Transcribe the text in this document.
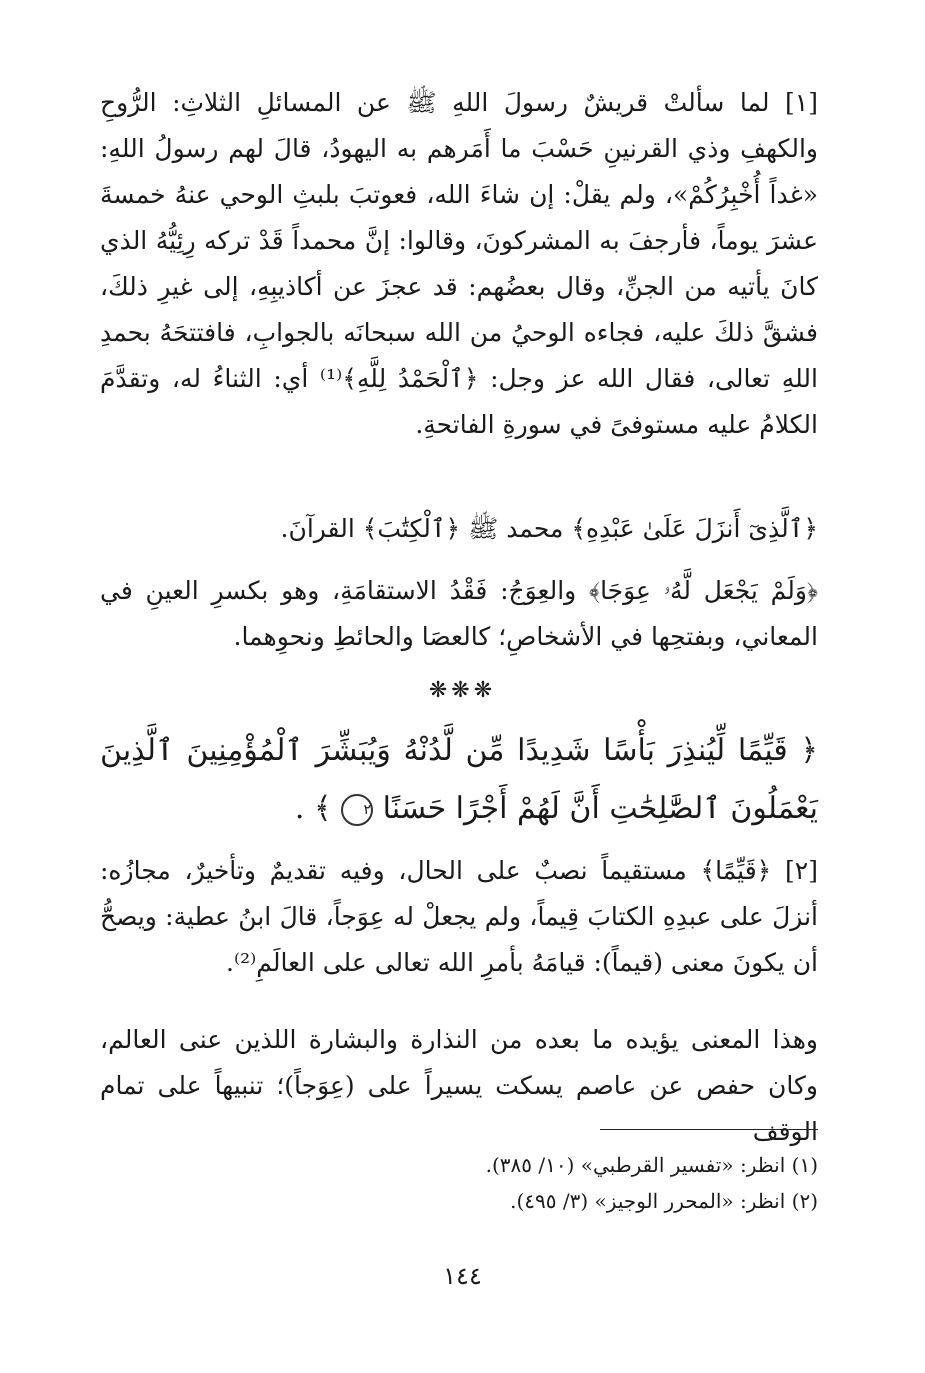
[١] لما سألتْ قريشٌ رسولَ اللهِ ﷺ عن المسائلِ الثلاثِ: الرُّوحِ والكهفِ وذي القرنينِ حَسْبَ ما أَمَرهم به اليهودُ، قالَ لهم رسولُ اللهِ: «غداً أُخْبِرُكُمْ»، ولم يقلْ: إن شاءَ الله، فعوتبَ بلبثِ الوحي عنهُ خمسةَ عشرَ يوماً، فأرجفَ به المشركونَ، وقالوا: إنَّ محمداً قَدْ تركه رِئِيُّهُ الذي كانَ يأتيه من الجنِّ، وقال بعضُهم: قد عجزَ عن أكاذيبِهِ، إلى غيرِ ذلكَ، فشقَّ ذلكَ عليه، فجاءه الوحيُ من الله سبحانَه بالجوابِ، فافتتحَهُ بحمدِ اللهِ تعالى، فقال الله عز وجل: ﴿ٱلْحَمْدُ لِلَّهِ﴾⁽¹⁾ أي: الثناءُ له، وتقدَّمَ الكلامُ عليه مستوفىً في سورةِ الفاتحةِ.

﴿ٱلَّذِىٓ أَنزَلَ عَلَىٰ عَبْدِهِ﴾ محمد ﷺ ﴿ٱلْكِتَٰبَ﴾ القرآنَ.

﴿وَلَمْ يَجْعَل لَّهُۥ عِوَجَا﴾ والعِوَجُ: فَقْدُ الاستقامَةِ، وهو بكسرِ العينِ في المعاني، وبفتحِها في الأشخاصِ؛ كالعصَا والحائطِ ونحوِهما.

❋❋❋

﴿ قَيِّمًا لِّيُنذِرَ بَأْسًا شَدِيدًا مِّن لَّدُنْهُ وَيُبَشِّرَ ٱلْمُؤْمِنِينَ ٱلَّذِينَ يَعْمَلُونَ ٱلصَّٰلِحَٰتِ أَنَّ لَهُمْ أَجْرًا حَسَنًا ٢ ﴾ .

[٢] ﴿قَيِّمًا﴾ مستقيماً نصبٌ على الحال، وفيه تقديمٌ وتأخيرٌ، مجازُه: أنزلَ على عبدِهِ الكتابَ قِيماً، ولم يجعلْ له عِوَجاً، قالَ ابنُ عطية: ويصحُّ أن يكونَ معنى (قيماً): قيامَهُ بأمرِ الله تعالى على العالَمِ⁽²⁾.

وهذا المعنى يؤيده ما بعده من النذارة والبشارة اللذين عنى العالم، وكان حفص عن عاصم يسكت يسيراً على (عِوَجاً)؛ تنبيهاً على تمام الوقف

(١) انظر: «تفسير القرطبي» (١٠/ ٣٨٥).

(٢) انظر: «المحرر الوجيز» (٣/ ٤٩٥).

١٤٤
